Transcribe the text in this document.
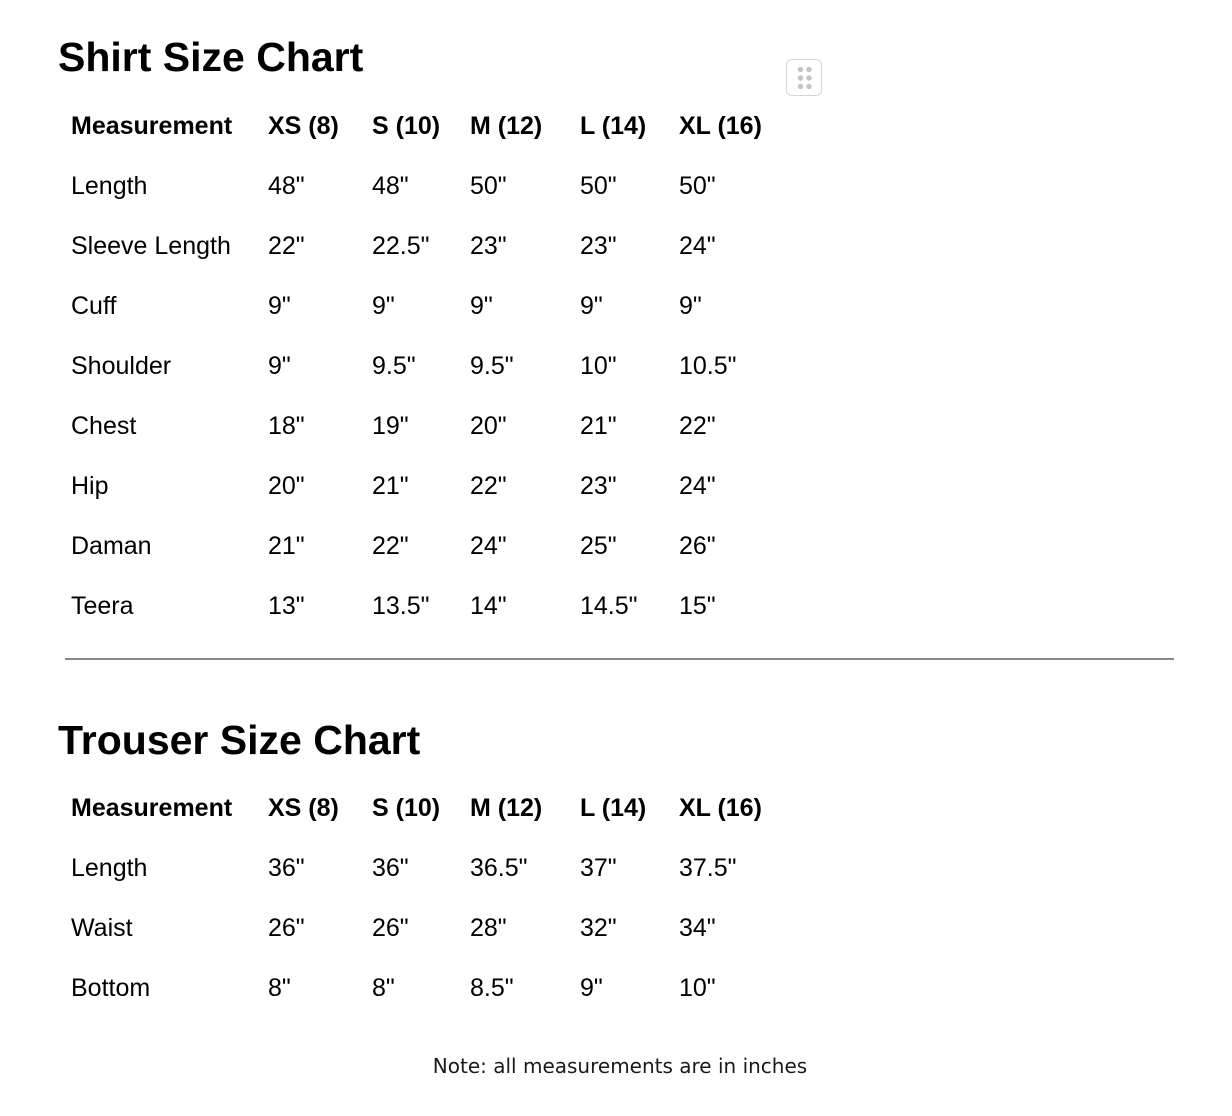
Shirt Size Chart
Measurement	XS (8)	S (10)	M (12)	L (14)	XL (16)
Length	48"	48"	50"	50"	50"
Sleeve Length	22"	22.5"	23"	23"	24"
Cuff	9"	9"	9"	9"	9"
Shoulder	9"	9.5"	9.5"	10"	10.5"
Chest	18"	19"	20"	21"	22"
Hip	20"	21"	22"	23"	24"
Daman	21"	22"	24"	25"	26"
Teera	13"	13.5"	14"	14.5"	15"
Trouser Size Chart
Measurement	XS (8)	S (10)	M (12)	L (14)	XL (16)
Length	36"	36"	36.5"	37"	37.5"
Waist	26"	26"	28"	32"	34"
Bottom	8"	8"	8.5"	9"	10"

Note: all measurements are in inches
